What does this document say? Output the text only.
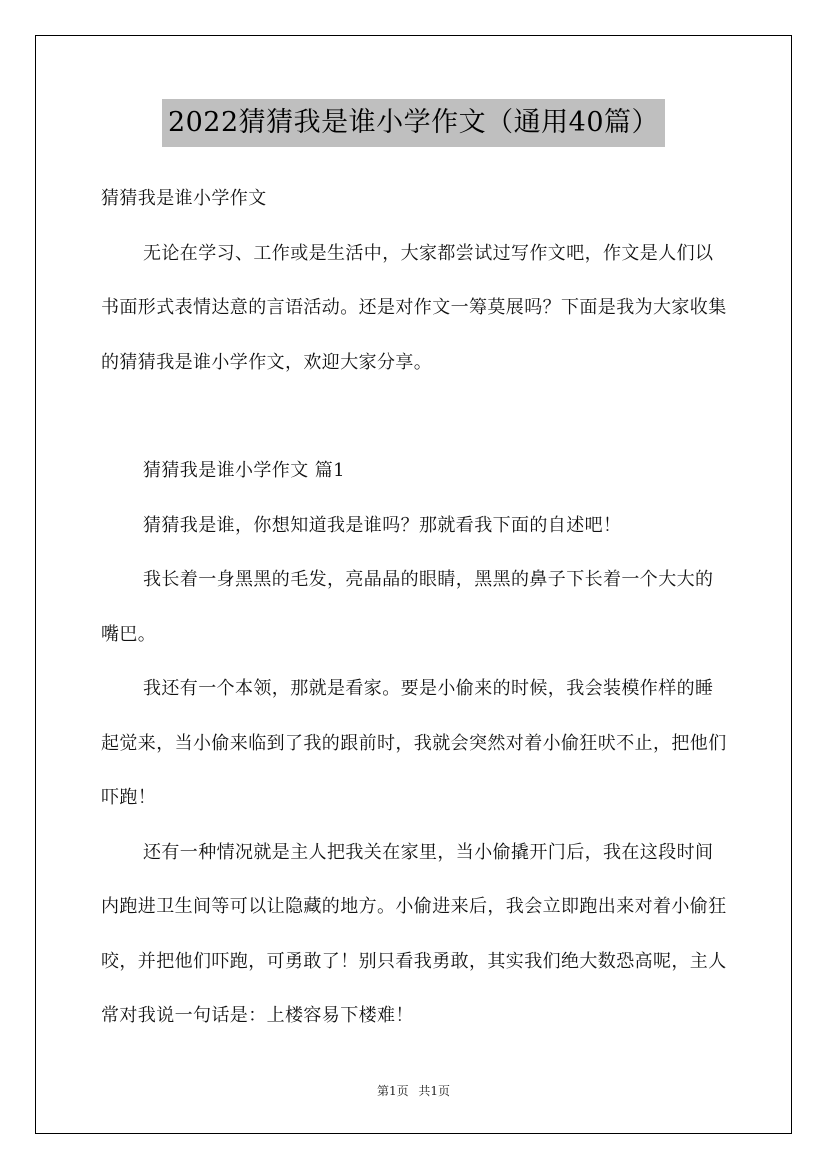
2022猜猜我是谁小学作文（通用40篇）

猜猜我是谁小学作文

无论在学习、工作或是生活中，大家都尝试过写作文吧，作文是人们以书面形式表情达意的言语活动。还是对作文一筹莫展吗？下面是我为大家收集的猜猜我是谁小学作文，欢迎大家分享。

猜猜我是谁小学作文 篇1

猜猜我是谁，你想知道我是谁吗？那就看我下面的自述吧！

我长着一身黑黑的毛发，亮晶晶的眼睛，黑黑的鼻子下长着一个大大的嘴巴。

我还有一个本领，那就是看家。要是小偷来的时候，我会装模作样的睡起觉来，当小偷来临到了我的跟前时，我就会突然对着小偷狂吠不止，把他们吓跑！

还有一种情况就是主人把我关在家里，当小偷撬开门后，我在这段时间内跑进卫生间等可以让隐藏的地方。小偷进来后，我会立即跑出来对着小偷狂咬，并把他们吓跑，可勇敢了！别只看我勇敢，其实我们绝大数恐高呢，主人常对我说一句话是：上楼容易下楼难！

第1页 共1页
